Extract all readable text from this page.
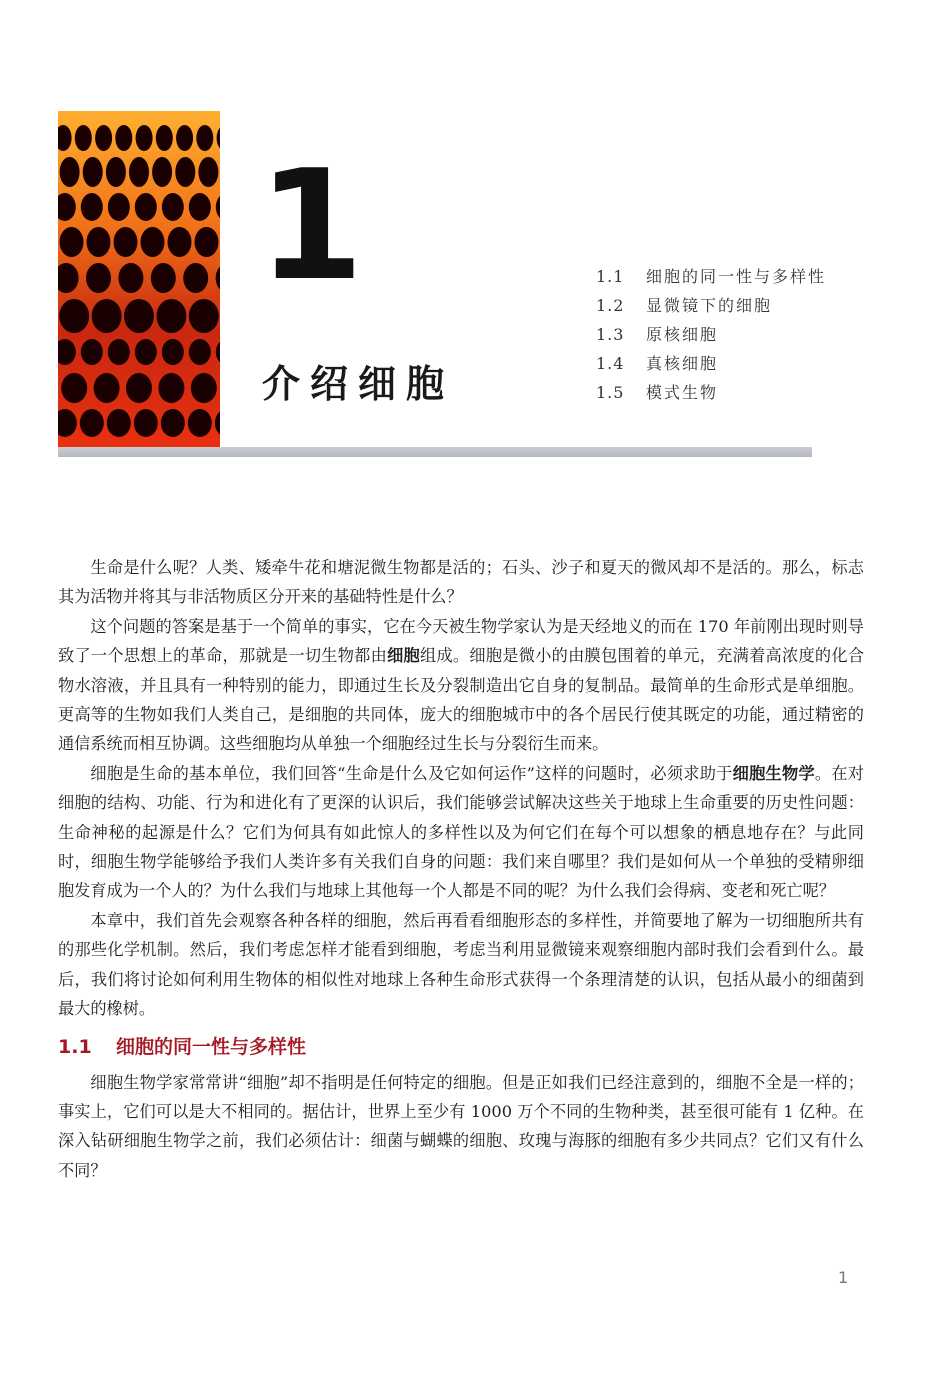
1
介绍细胞
1.1 细胞的同一性与多样性
1.2 显微镜下的细胞
1.3 原核细胞
1.4 真核细胞
1.5 模式生物

生命是什么呢？人类、矮牵牛花和塘泥微生物都是活的；石头、沙子和夏天的微风却不是活的。那么，标志其为活物并将其与非活物质区分开来的基础特性是什么？

这个问题的答案是基于一个简单的事实，它在今天被生物学家认为是天经地义的而在 170 年前刚出现时则导致了一个思想上的革命，那就是一切生物都由细胞组成。细胞是微小的由膜包围着的单元，充满着高浓度的化合物水溶液，并且具有一种特别的能力，即通过生长及分裂制造出它自身的复制品。最简单的生命形式是单细胞。更高等的生物如我们人类自己，是细胞的共同体，庞大的细胞城市中的各个居民行使其既定的功能，通过精密的通信系统而相互协调。这些细胞均从单独一个细胞经过生长与分裂衍生而来。

细胞是生命的基本单位，我们回答“生命是什么及它如何运作”这样的问题时，必须求助于细胞生物学。在对细胞的结构、功能、行为和进化有了更深的认识后，我们能够尝试解决这些关于地球上生命重要的历史性问题：生命神秘的起源是什么？它们为何具有如此惊人的多样性以及为何它们在每个可以想象的栖息地存在？与此同时，细胞生物学能够给予我们人类许多有关我们自身的问题：我们来自哪里？我们是如何从一个单独的受精卵细胞发育成为一个人的？为什么我们与地球上其他每一个人都是不同的呢？为什么我们会得病、变老和死亡呢？

本章中，我们首先会观察各种各样的细胞，然后再看看细胞形态的多样性，并简要地了解为一切细胞所共有的那些化学机制。然后，我们考虑怎样才能看到细胞，考虑当利用显微镜来观察细胞内部时我们会看到什么。最后，我们将讨论如何利用生物体的相似性对地球上各种生命形式获得一个条理清楚的认识，包括从最小的细菌到最大的橡树。

1.1 细胞的同一性与多样性

细胞生物学家常常讲“细胞”却不指明是任何特定的细胞。但是正如我们已经注意到的，细胞不全是一样的；事实上，它们可以是大不相同的。据估计，世界上至少有 1000 万个不同的生物种类，甚至很可能有 1 亿种。在深入钻研细胞生物学之前，我们必须估计：细菌与蝴蝶的细胞、玫瑰与海豚的细胞有多少共同点？它们又有什么不同？

1
